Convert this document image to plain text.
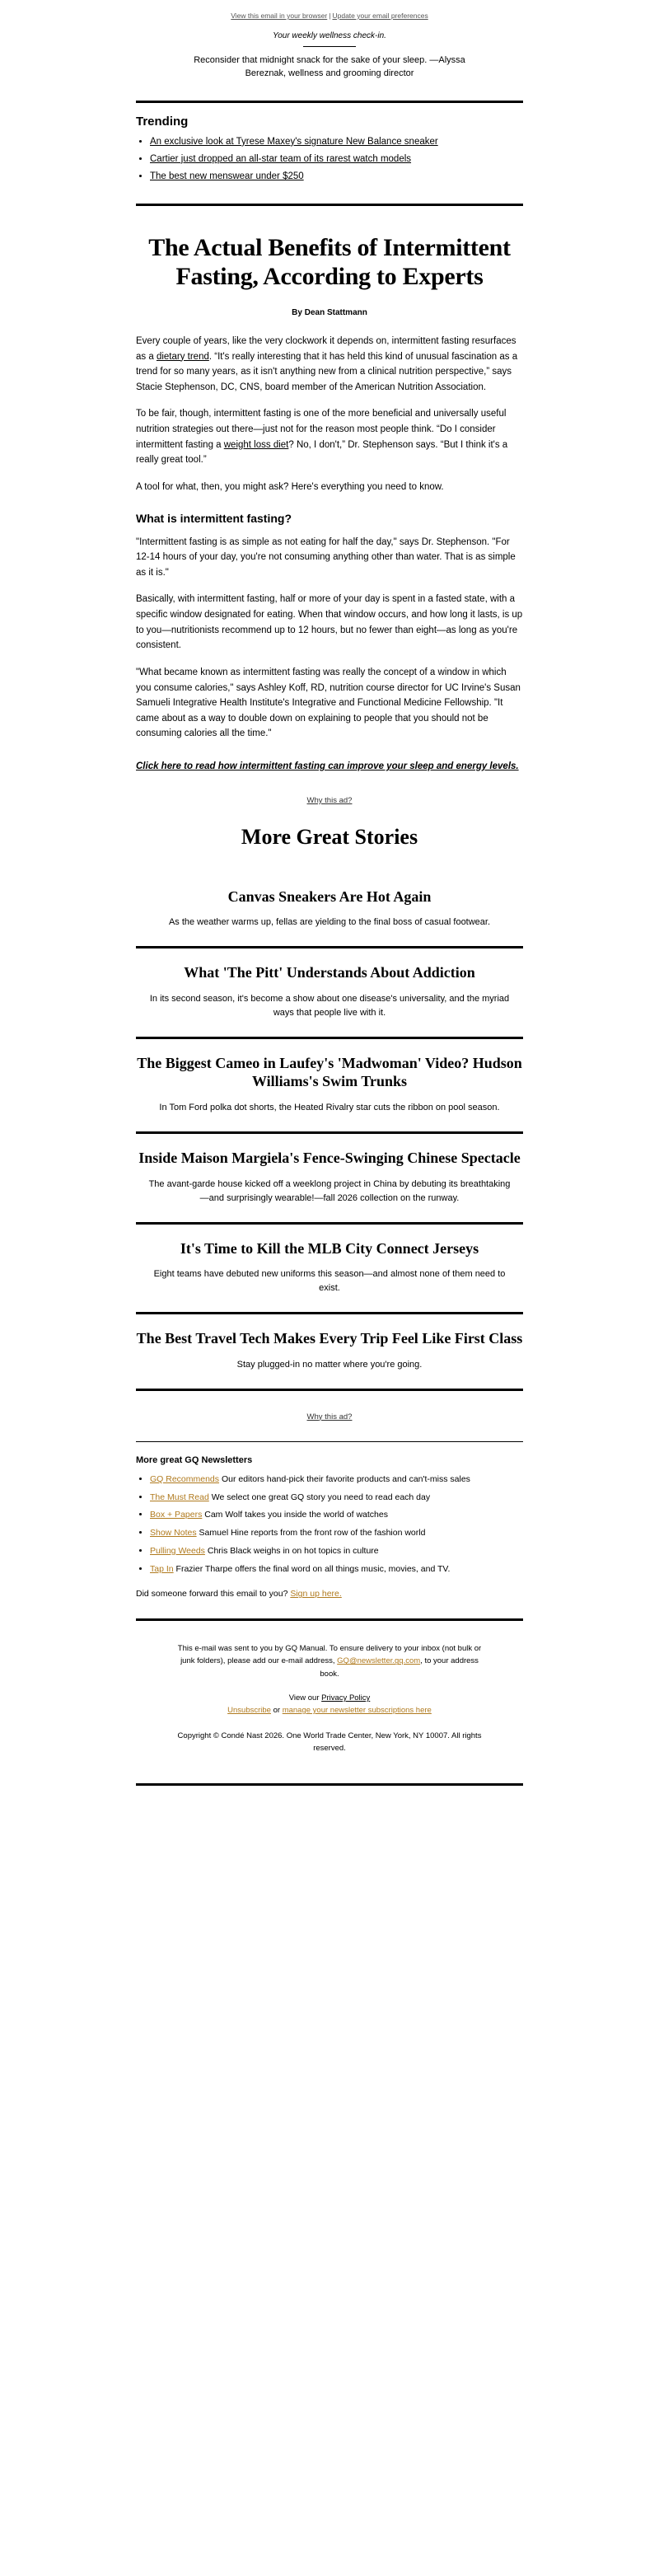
View this email in your browser | Update your email preferences
Your weekly wellness check-in.
Reconsider that midnight snack for the sake of your sleep. —Alyssa Bereznak, wellness and grooming director
Trending
• An exclusive look at Tyrese Maxey's signature New Balance sneaker
• Cartier just dropped an all-star team of its rarest watch models
• The best new menswear under $250
The Actual Benefits of Intermittent Fasting, According to Experts
By Dean Stattmann

Every couple of years, like the very clockwork it depends on, intermittent fasting resurfaces as a dietary trend. “It's really interesting that it has held this kind of unusual fascination as a trend for so many years, as it isn't anything new from a clinical nutrition perspective,” says Stacie Stephenson, DC, CNS, board member of the American Nutrition Association.

To be fair, though, intermittent fasting is one of the more beneficial and universally useful nutrition strategies out there—just not for the reason most people think. “Do I consider intermittent fasting a weight loss diet? No, I don't,” Dr. Stephenson says. “But I think it's a really great tool.”

A tool for what, then, you might ask? Here's everything you need to know.

What is intermittent fasting?

"Intermittent fasting is as simple as not eating for half the day," says Dr. Stephenson. "For 12-14 hours of your day, you're not consuming anything other than water. That is as simple as it is."

Basically, with intermittent fasting, half or more of your day is spent in a fasted state, with a specific window designated for eating. When that window occurs, and how long it lasts, is up to you—nutritionists recommend up to 12 hours, but no fewer than eight—as long as you're consistent.

"What became known as intermittent fasting was really the concept of a window in which you consume calories," says Ashley Koff, RD, nutrition course director for UC Irvine's Susan Samueli Integrative Health Institute's Integrative and Functional Medicine Fellowship. "It came about as a way to double down on explaining to people that you should not be consuming calories all the time."

Click here to read how intermittent fasting can improve your sleep and energy levels.
Why this ad?
More Great Stories
Canvas Sneakers Are Hot Again

As the weather warms up, fellas are yielding to the final boss of casual footwear.

What 'The Pitt' Understands About Addiction

In its second season, it's become a show about one disease's universality, and the myriad ways that people live with it.

The Biggest Cameo in Laufey's 'Madwoman' Video? Hudson Williams's Swim Trunks

In Tom Ford polka dot shorts, the Heated Rivalry star cuts the ribbon on pool season.

Inside Maison Margiela's Fence-Swinging Chinese Spectacle

The avant-garde house kicked off a weeklong project in China by debuting its breathtaking—and surprisingly wearable!—fall 2026 collection on the runway.

It's Time to Kill the MLB City Connect Jerseys

Eight teams have debuted new uniforms this season—and almost none of them need to exist.

The Best Travel Tech Makes Every Trip Feel Like First Class

Stay plugged-in no matter where you're going.

Why this ad?
More great GQ Newsletters
• GQ Recommends Our editors hand-pick their favorite products and can't-miss sales
• The Must Read We select one great GQ story you need to read each day
• Box + Papers Cam Wolf takes you inside the world of watches
• Show Notes Samuel Hine reports from the front row of the fashion world
• Pulling Weeds Chris Black weighs in on hot topics in culture
• Tap In Frazier Tharpe offers the final word on all things music, movies, and TV.
Did someone forward this email to you? Sign up here.
This e-mail was sent to you by GQ Manual. To ensure delivery to your inbox (not bulk or junk folders), please add our e-mail address, GQ@newsletter.gq.com, to your address book.
View our Privacy Policy
Unsubscribe or manage your newsletter subscriptions here
Copyright © Condé Nast 2026. One World Trade Center, New York, NY 10007. All rights reserved.
